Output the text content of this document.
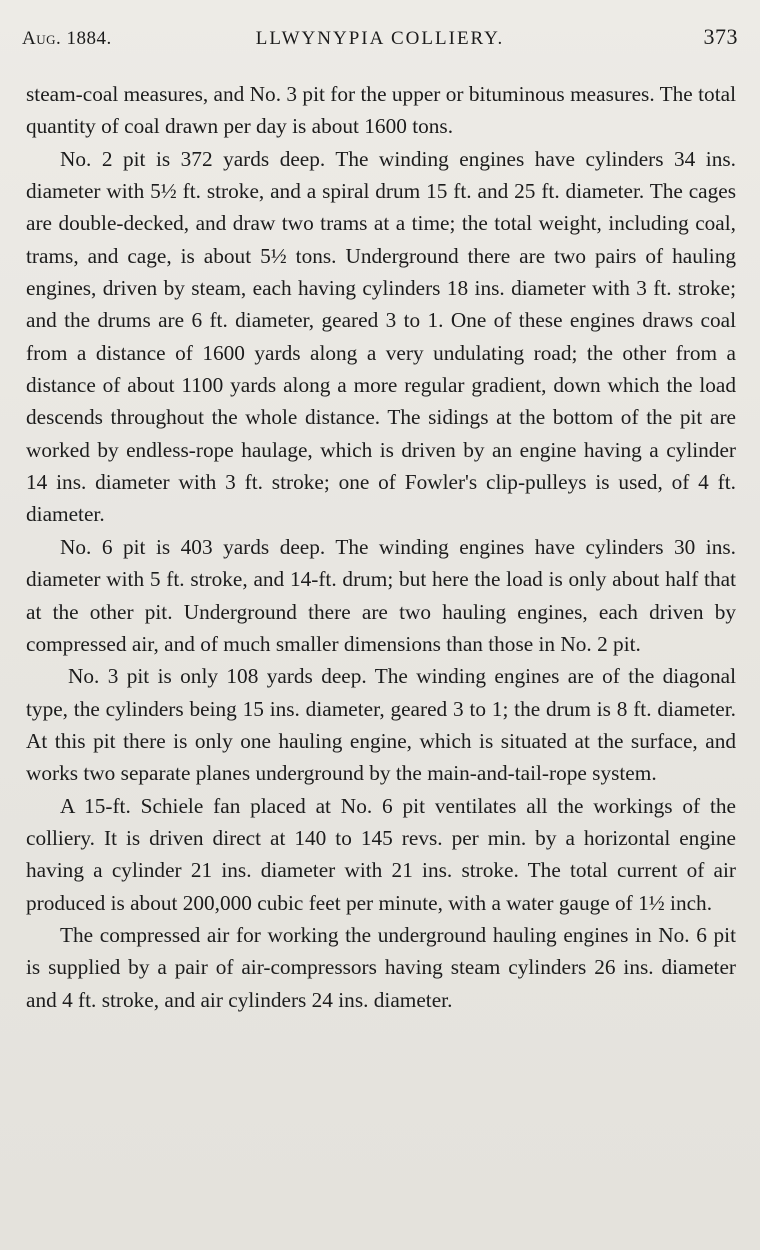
Aug. 1884.	LLWYNYPIA COLLIERY.	373

steam-coal measures, and No. 3 pit for the upper or bituminous measures. The total quantity of coal drawn per day is about 1600 tons.

No. 2 pit is 372 yards deep. The winding engines have cylinders 34 ins. diameter with 5½ ft. stroke, and a spiral drum 15 ft. and 25 ft. diameter. The cages are double-decked, and draw two trams at a time; the total weight, including coal, trams, and cage, is about 5½ tons. Underground there are two pairs of hauling engines, driven by steam, each having cylinders 18 ins. diameter with 3 ft. stroke; and the drums are 6 ft. diameter, geared 3 to 1. One of these engines draws coal from a distance of 1600 yards along a very undulating road; the other from a distance of about 1100 yards along a more regular gradient, down which the load descends throughout the whole distance. The sidings at the bottom of the pit are worked by endless-rope haulage, which is driven by an engine having a cylinder 14 ins. diameter with 3 ft. stroke; one of Fowler's clip-pulleys is used, of 4 ft. diameter.

No. 6 pit is 403 yards deep. The winding engines have cylinders 30 ins. diameter with 5 ft. stroke, and 14-ft. drum; but here the load is only about half that at the other pit. Underground there are two hauling engines, each driven by compressed air, and of much smaller dimensions than those in No. 2 pit.

No. 3 pit is only 108 yards deep. The winding engines are of the diagonal type, the cylinders being 15 ins. diameter, geared 3 to 1; the drum is 8 ft. diameter. At this pit there is only one hauling engine, which is situated at the surface, and works two separate planes underground by the main-and-tail-rope system.

A 15-ft. Schiele fan placed at No. 6 pit ventilates all the workings of the colliery. It is driven direct at 140 to 145 revs. per min. by a horizontal engine having a cylinder 21 ins. diameter with 21 ins. stroke. The total current of air produced is about 200,000 cubic feet per minute, with a water gauge of 1½ inch.

The compressed air for working the underground hauling engines in No. 6 pit is supplied by a pair of air-compressors having steam cylinders 26 ins. diameter and 4 ft. stroke, and air cylinders 24 ins. diameter.
